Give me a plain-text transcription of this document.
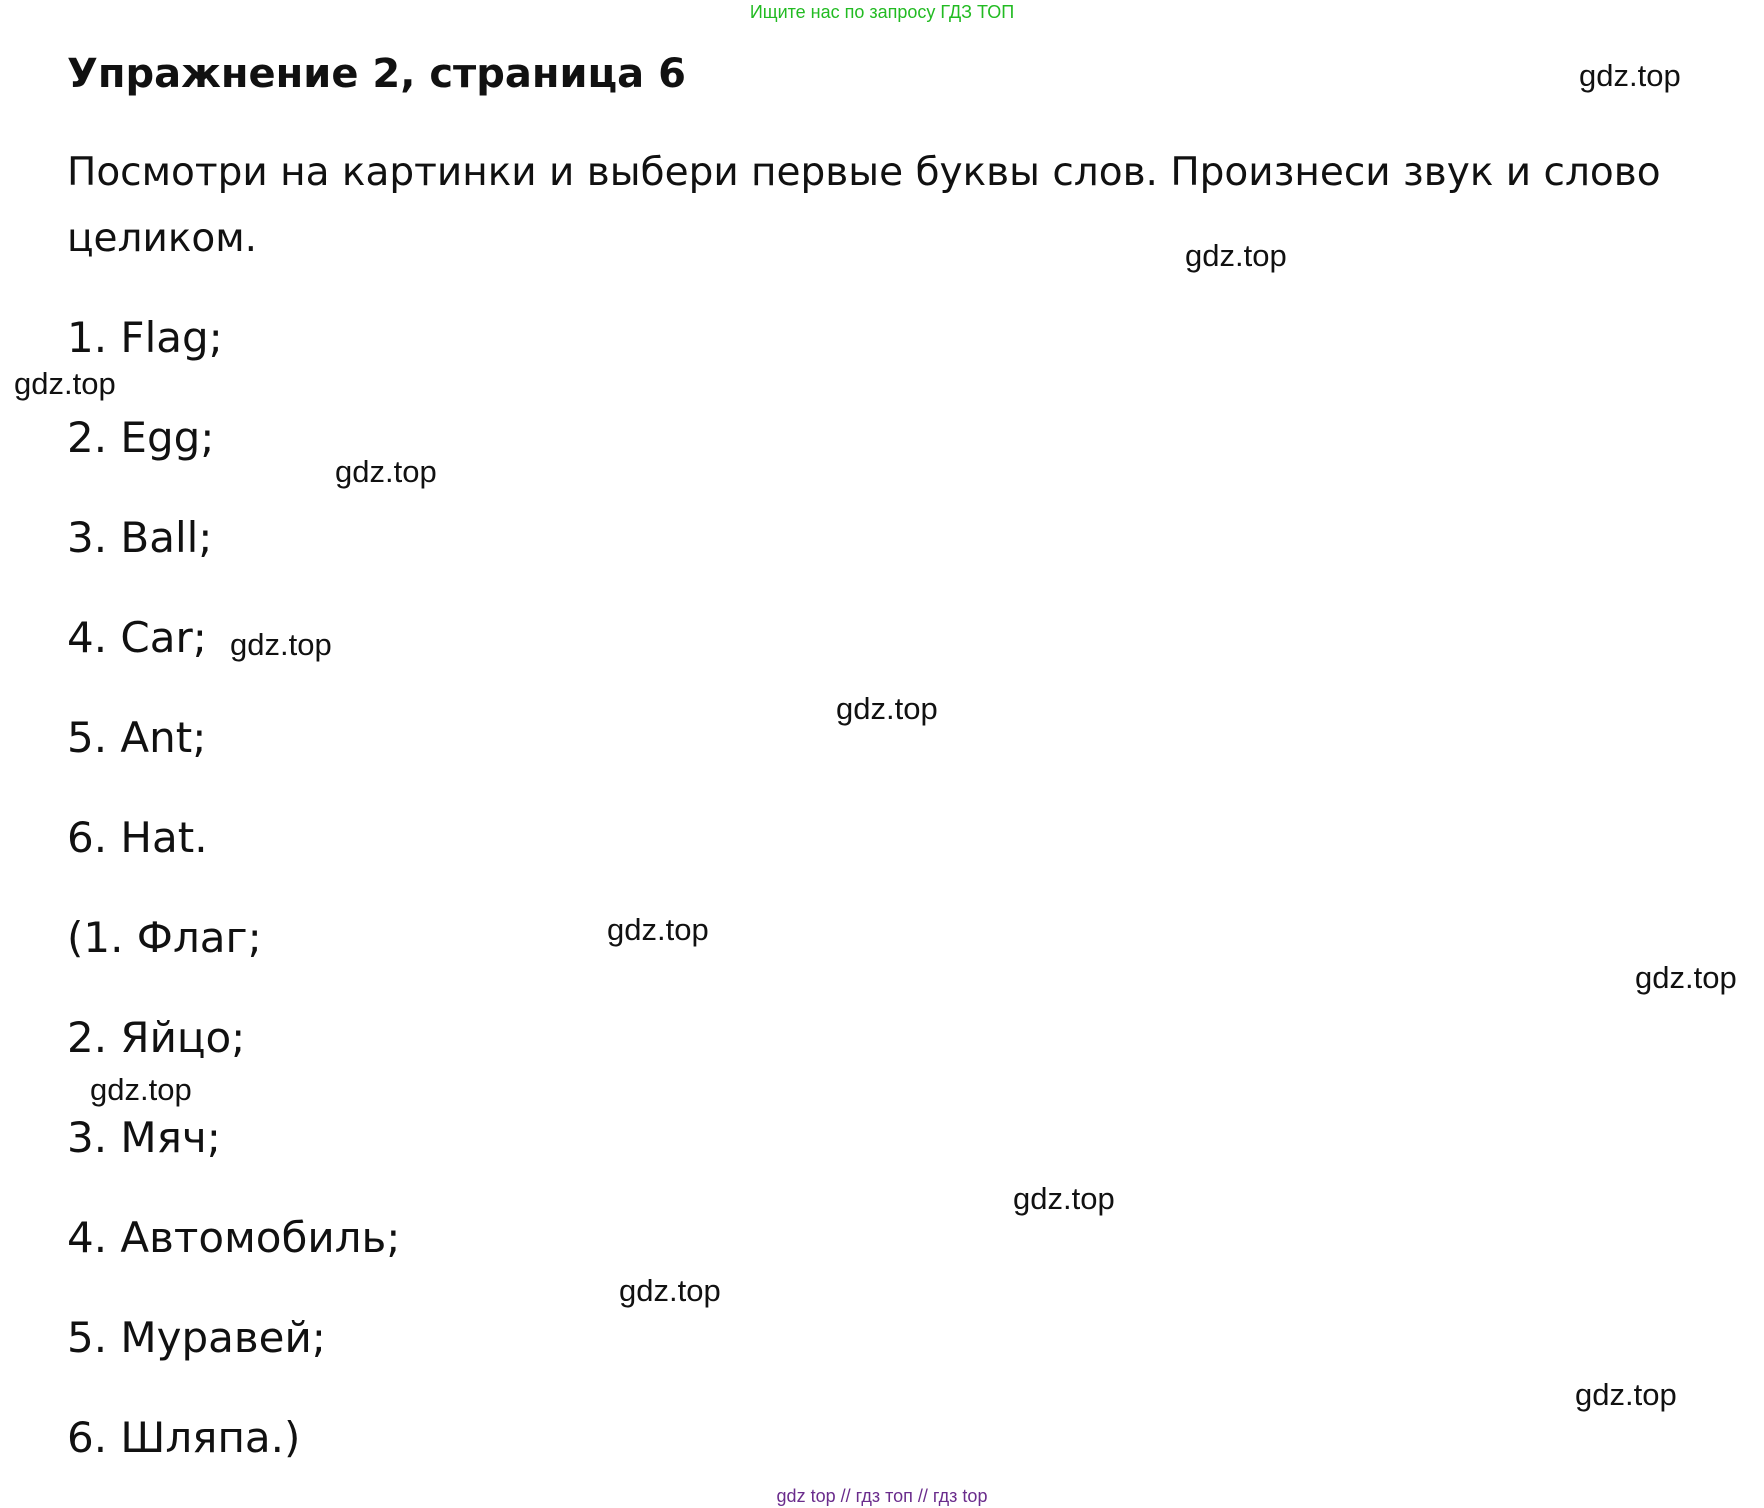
Ищите нас по запросу ГДЗ ТОП
Упражнение 2, страница 6
Посмотри на картинки и выбери первые буквы слов. Произнеси звук и слово целиком.
1. Flag;
2. Egg;
3. Ball;
4. Car;
5. Ant;
6. Hat.
(1. Флаг;
2. Яйцо;
3. Мяч;
4. Автомобиль;
5. Муравей;
6. Шляпа.)
gdz.top
gdz.top
gdz.top
gdz.top
gdz.top
gdz.top
gdz.top
gdz.top
gdz.top
gdz.top
gdz.top
gdz.top
gdz top // гдз топ // гдз top
